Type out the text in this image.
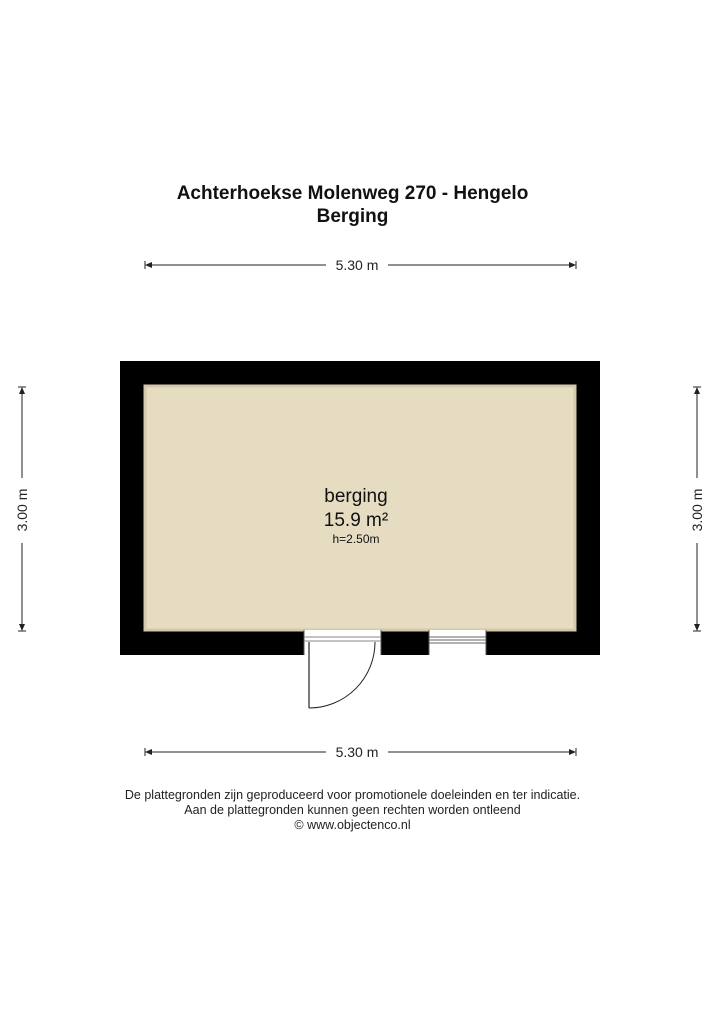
Achterhoekse Molenweg 270 - Hengelo
Berging
5.30 m
5.30 m
3.00 m	3.00 m
berging
15.9 m²
h=2.50m
De plattegronden zijn geproduceerd voor promotionele doeleinden en ter indicatie.
Aan de plattegronden kunnen geen rechten worden ontleend
© www.objectenco.nl
